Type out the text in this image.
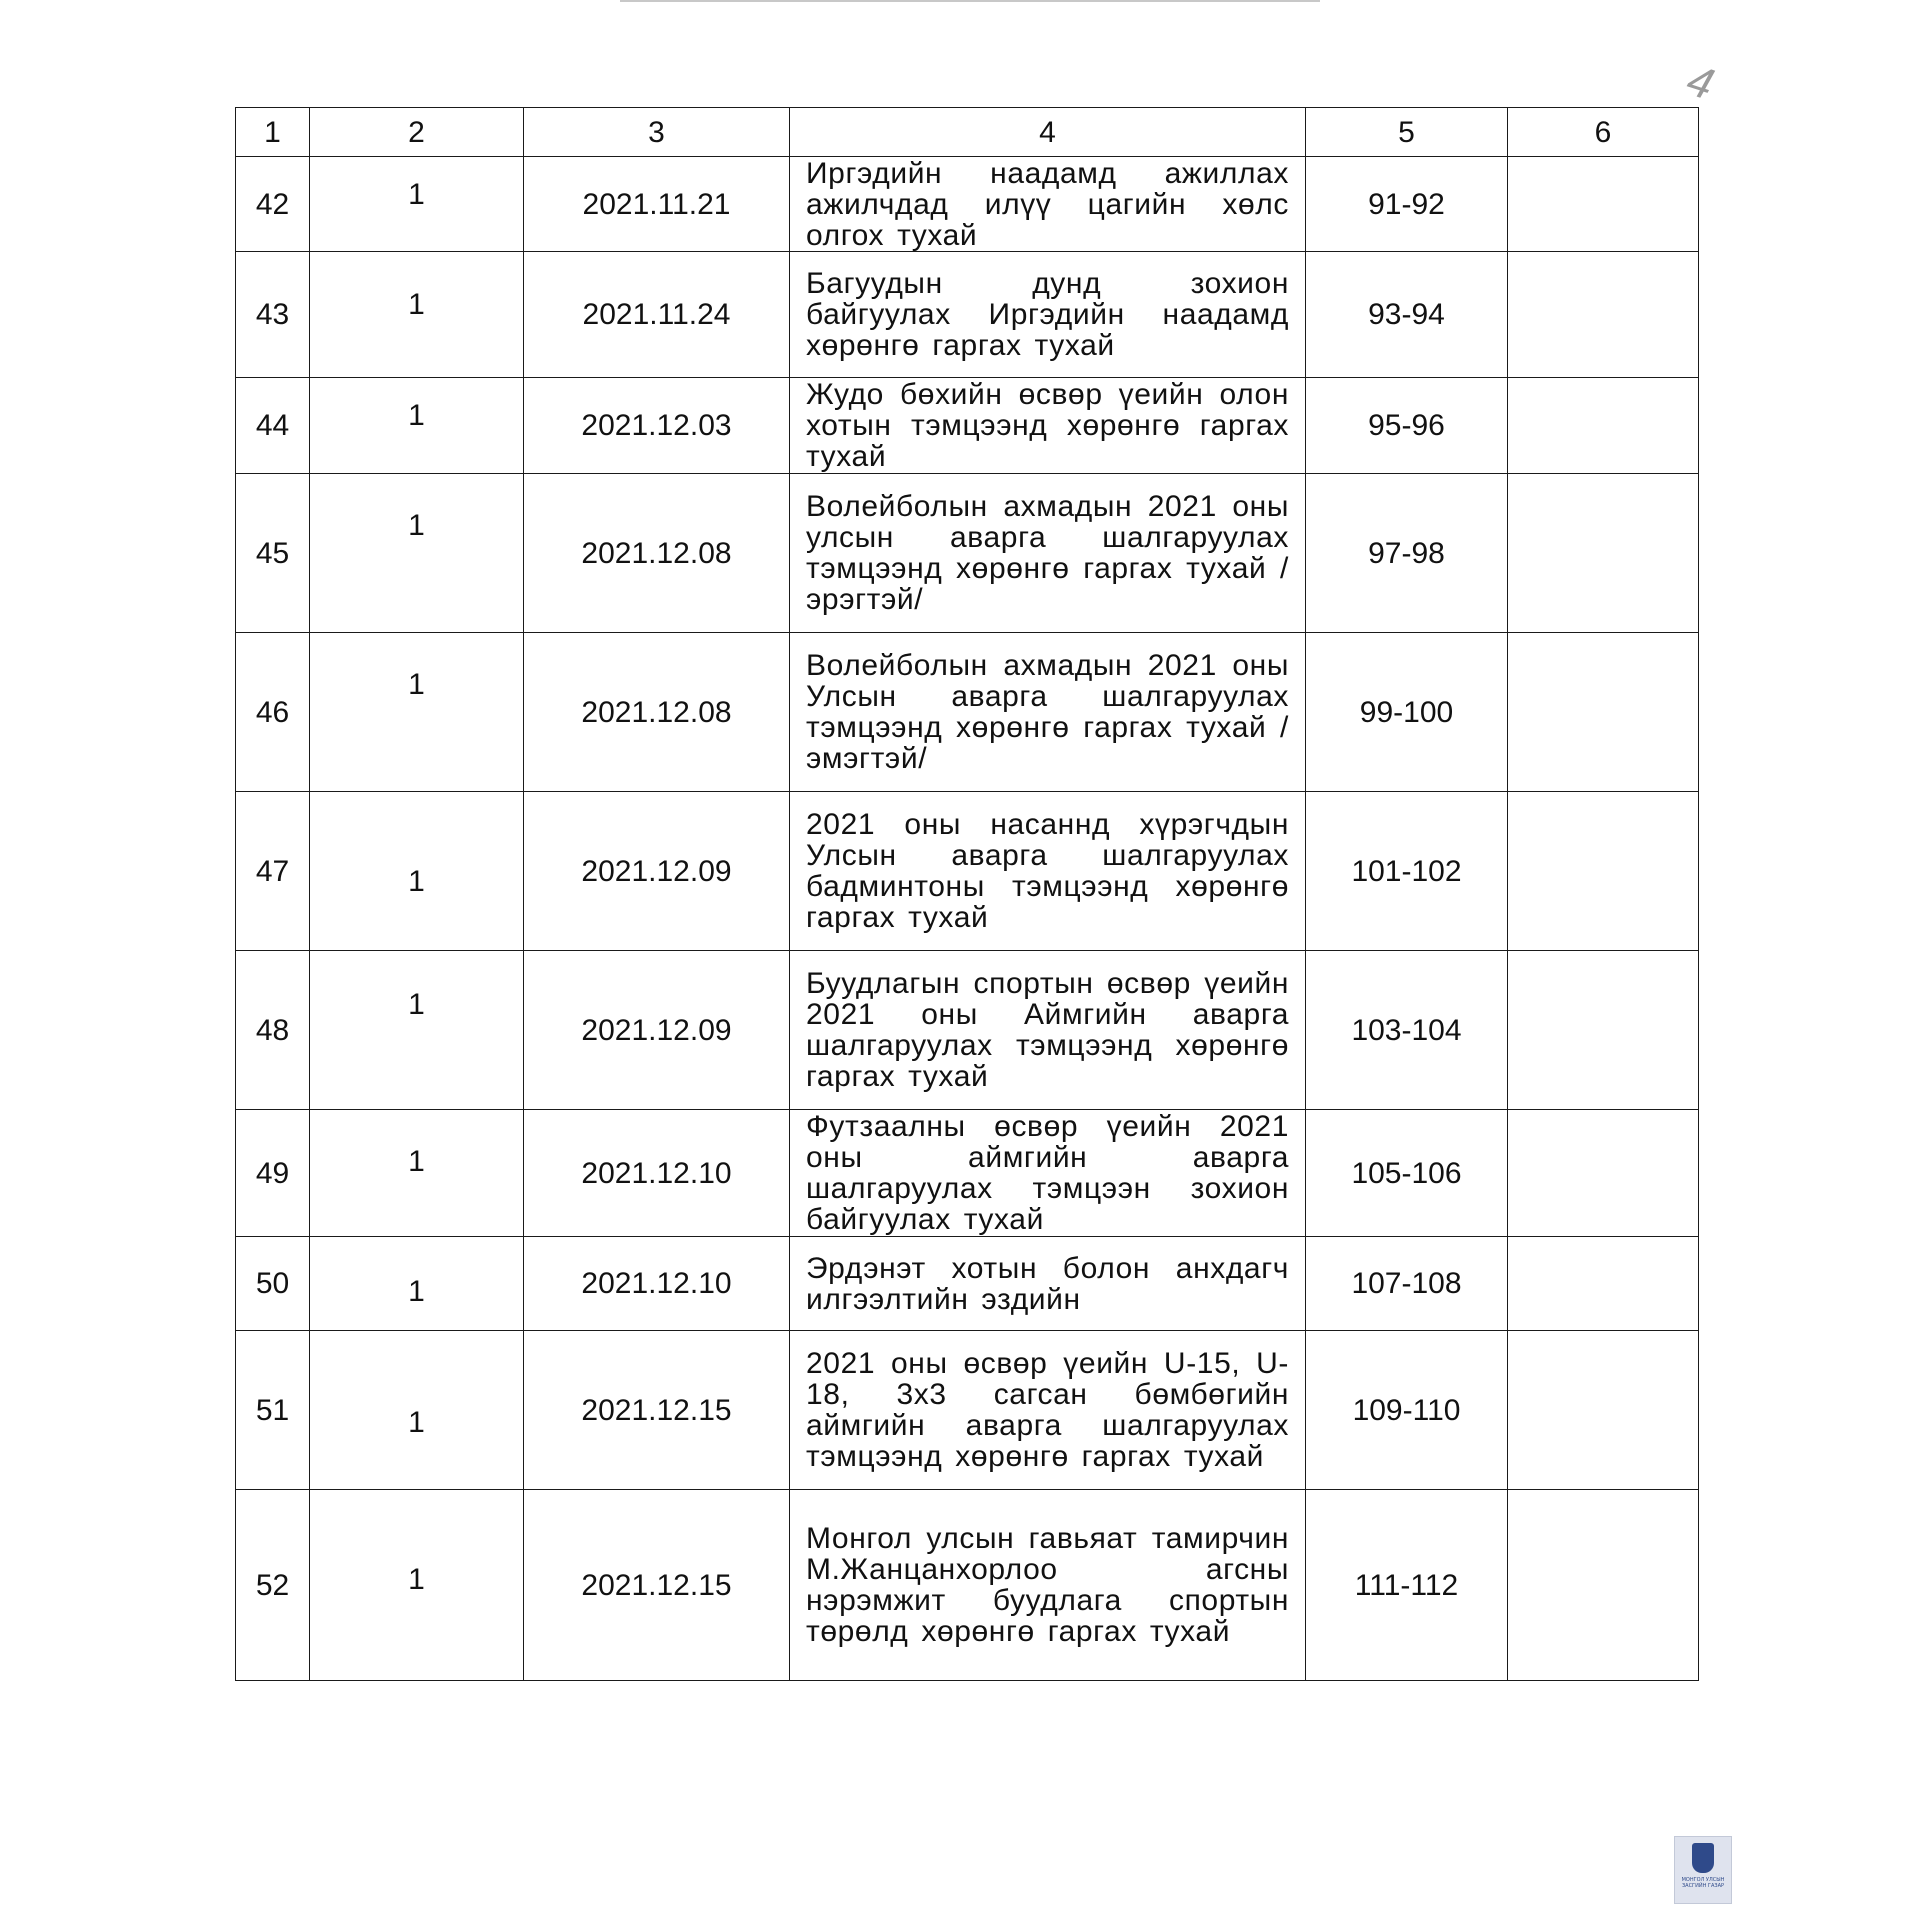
4
1	2	3	4	5	6
42	1	2021.11.21	Иргэдийн наадамд ажиллах ажилчдад илүү цагийн хөлс олгох тухай	91-92	
43	1	2021.11.24	Багуудын дунд зохион байгуулах Иргэдийн наадамд хөрөнгө гаргах тухай	93-94	
44	1	2021.12.03	Жудо бөхийн өсвөр үеийн олон хотын тэмцээнд хөрөнгө гаргах тухай	95-96	
45	1	2021.12.08	Волейболын ахмадын 2021 оны улсын аварга шалгаруулах тэмцээнд хөрөнгө гаргах тухай /эрэгтэй/	97-98	
46	1	2021.12.08	Волейболын ахмадын 2021 оны Улсын аварга шалгаруулах тэмцээнд хөрөнгө гаргах тухай /эмэгтэй/	99-100	
47	1	2021.12.09	2021 оны насаннд хүрэгчдын Улсын аварга шалгаруулах бадминтоны тэмцээнд хөрөнгө гаргах тухай	101-102	
48	1	2021.12.09	Буудлагын спортын өсвөр үеийн 2021 оны Аймгийн аварга шалгаруулах тэмцээнд хөрөнгө гаргах тухай	103-104	
49	1	2021.12.10	Футзаалны өсвөр үеийн 2021 оны аймгийн аварга шалгаруулах тэмцээн зохион байгуулах тухай	105-106	
50	1	2021.12.10	Эрдэнэт хотын болон анхдагч илгээлтийн эздийн	107-108	
51	1	2021.12.15	2021 оны өсвөр үеийн U-15, U-18, 3x3 сагсан бөмбөгийн аймгийн аварга шалгаруулах тэмцээнд хөрөнгө гаргах тухай	109-110	
52	1	2021.12.15	Монгол улсын гавьяат тамирчин М.Жанцанхорлоо агсны нэрэмжит буудлага спортын төрөлд хөрөнгө гаргах тухай	111-112	
МОНГОЛ УЛСЫН ЗАСГИЙН ГАЗАР
